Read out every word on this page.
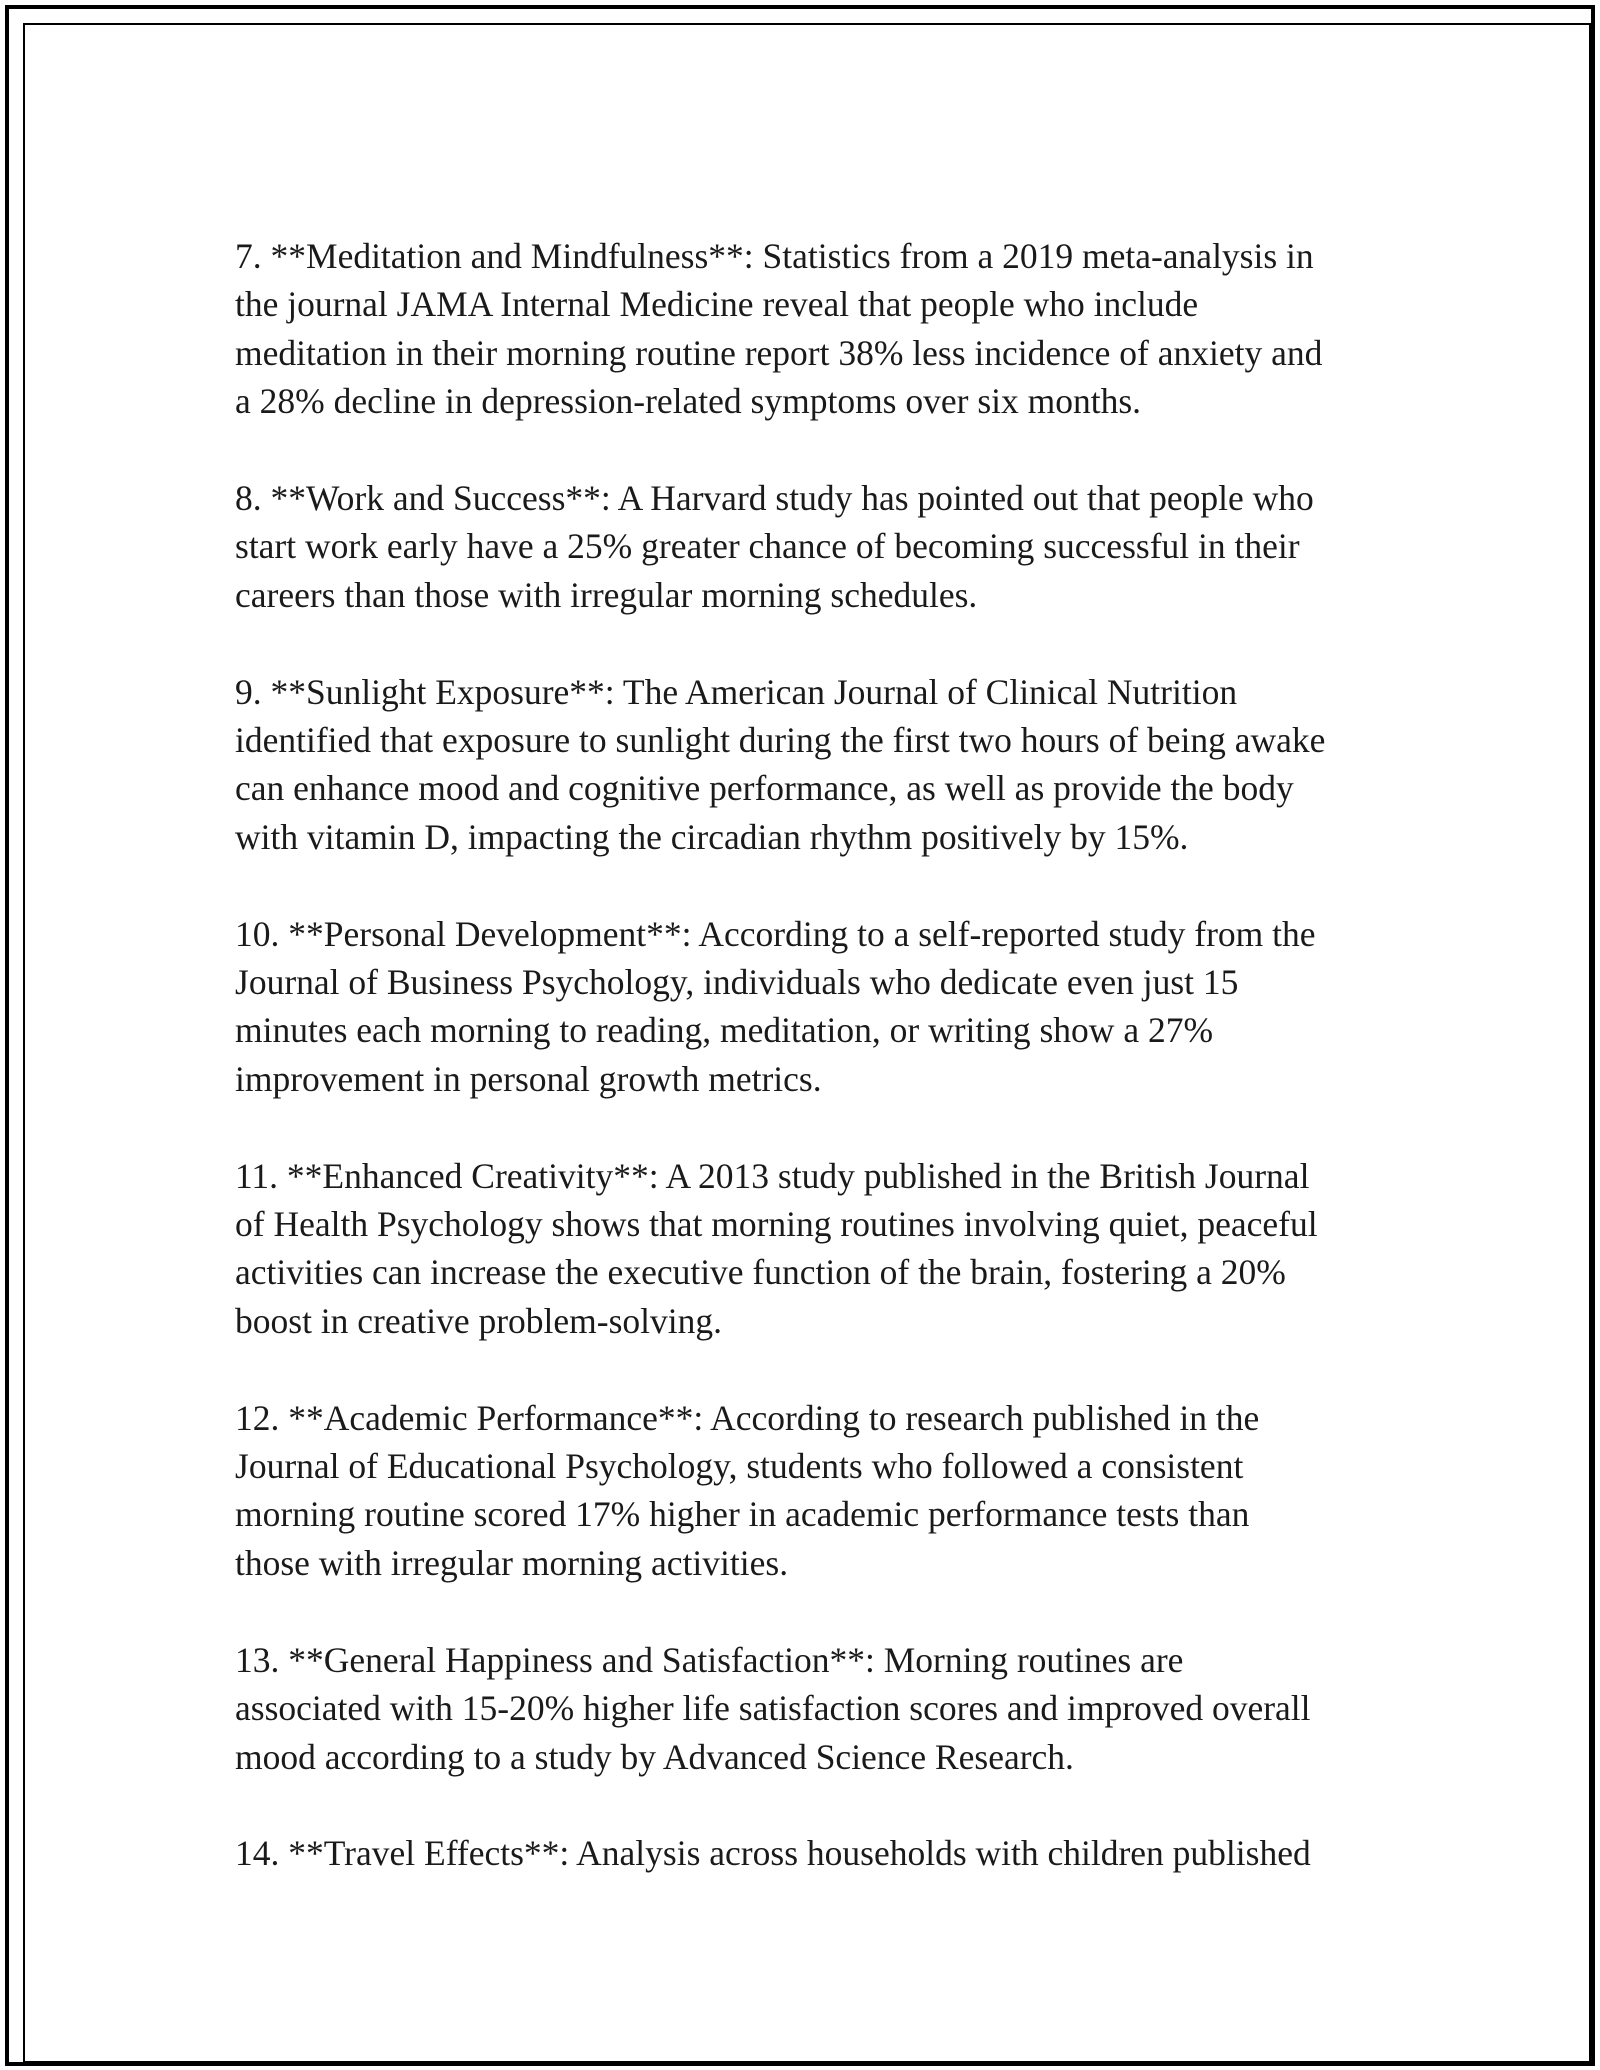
7. **Meditation and Mindfulness**: Statistics from a 2019 meta-analysis in
the journal JAMA Internal Medicine reveal that people who include
meditation in their morning routine report 38% less incidence of anxiety and
a 28% decline in depression-related symptoms over six months.

8. **Work and Success**: A Harvard study has pointed out that people who
start work early have a 25% greater chance of becoming successful in their
careers than those with irregular morning schedules.

9. **Sunlight Exposure**: The American Journal of Clinical Nutrition
identified that exposure to sunlight during the first two hours of being awake
can enhance mood and cognitive performance, as well as provide the body
with vitamin D, impacting the circadian rhythm positively by 15%.

10. **Personal Development**: According to a self-reported study from the
Journal of Business Psychology, individuals who dedicate even just 15
minutes each morning to reading, meditation, or writing show a 27%
improvement in personal growth metrics.

11. **Enhanced Creativity**: A 2013 study published in the British Journal
of Health Psychology shows that morning routines involving quiet, peaceful
activities can increase the executive function of the brain, fostering a 20%
boost in creative problem-solving.

12. **Academic Performance**: According to research published in the
Journal of Educational Psychology, students who followed a consistent
morning routine scored 17% higher in academic performance tests than
those with irregular morning activities.

13. **General Happiness and Satisfaction**: Morning routines are
associated with 15-20% higher life satisfaction scores and improved overall
mood according to a study by Advanced Science Research.

14. **Travel Effects**: Analysis across households with children published
